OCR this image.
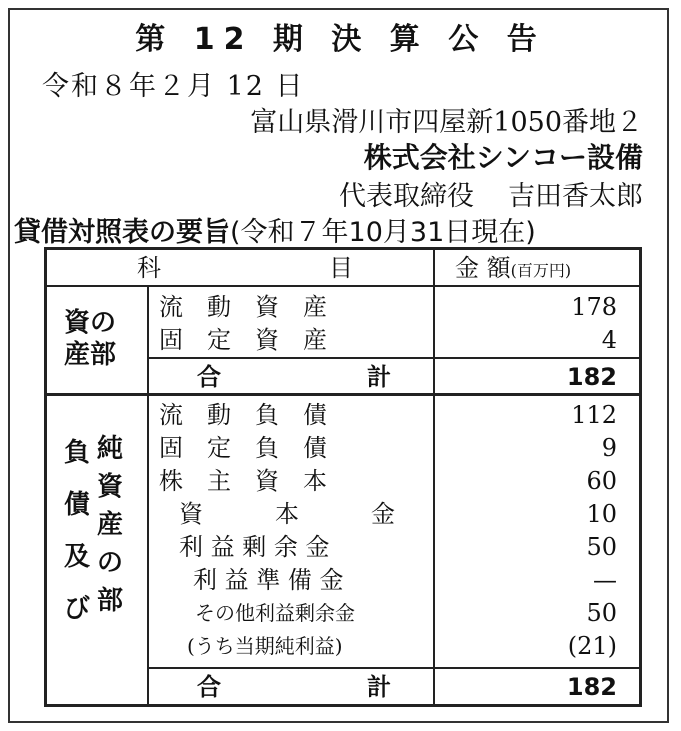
第 12 期 決 算 公 告
令和８年２月 12 日
富山県滑川市四屋新1050番地２
株式会社シンコー設備
代表取締役 吉田香太郎
貸借対照表の要旨(令和７年10月31日現在)
科	目	金 額(百万円)
資の
産部
流　動　資　産	178
固　定　資　産	4
合	計	182
負
債
及
び
純
資
産
の
部
流　動　負　債	112
固　定　負　債	9
株　主　資　本	60
資　　　本　　　金	10
利 益 剰 余 金	50
利 益 準 備 金	—
その他利益剰余金	50
(うち当期純利益)	(21)
合	計	182
